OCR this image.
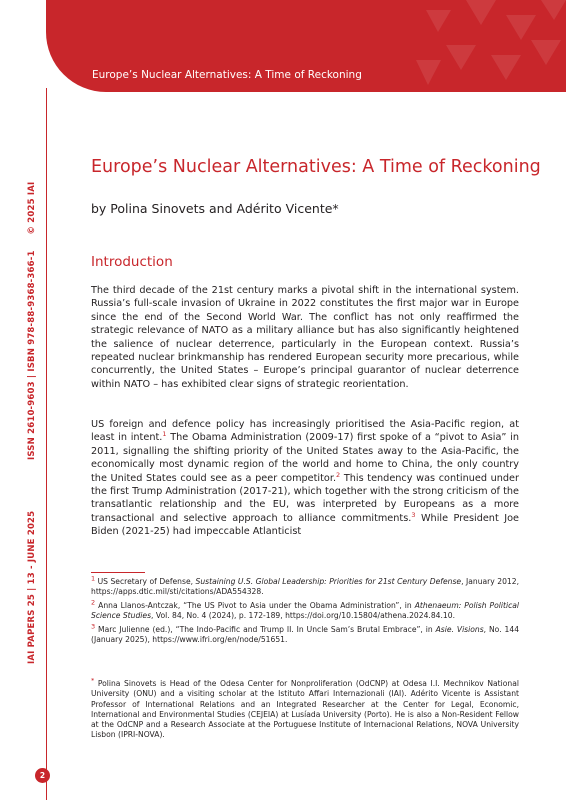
Europe’s Nuclear Alternatives: A Time of Reckoning
IAI PAPERS 25 | 13 - JUNE 2025
ISSN 2610-9603 | ISBN 978-88-9368-366-1     © 2025 IAI
Europe’s Nuclear Alternatives: A Time of Reckoning
by Polina Sinovets and Adérito Vicente*
Introduction
The third decade of the 21st century marks a pivotal shift in the international system. Russia’s full-scale invasion of Ukraine in 2022 constitutes the first major war in Europe since the end of the Second World War. The conflict has not only reaffirmed the strategic relevance of NATO as a military alliance but has also significantly heightened the salience of nuclear deterrence, particularly in the European context. Russia’s repeated nuclear brinkmanship has rendered European security more precarious, while concurrently, the United States – Europe’s principal guarantor of nuclear deterrence within NATO – has exhibited clear signs of strategic reorientation.
US foreign and defence policy has increasingly prioritised the Asia-Pacific region, at least in intent.$^1$ The Obama Administration (2009-17) first spoke of a “pivot to Asia” in 2011, signalling the shifting priority of the United States away to the Asia-Pacific, the economically most dynamic region of the world and home to China, the only country the United States could see as a peer competitor.$^2$ This tendency was continued under the first Trump Administration (2017-21), which together with the strong criticism of the transatlantic relationship and the EU, was interpreted by Europeans as a more transactional and selective approach to alliance commitments.$^3$ While President Joe Biden (2021-25) had impeccable Atlanticist
$^1$ US Secretary of Defense, Sustaining U.S. Global Leadership: Priorities for 21st Century Defense, January 2012, https://apps.dtic.mil/sti/citations/ADA554328.
$^2$ Anna Llanos-Antczak, “The US Pivot to Asia under the Obama Administration”, in Athenaeum: Polish Political Science Studies, Vol. 84, No. 4 (2024), p. 172-189, https://doi.org/10.15804/athena.2024.84.10.
$^3$ Marc Julienne (ed.), “The Indo-Pacific and Trump II. In Uncle Sam’s Brutal Embrace”, in Asie. Visions, No. 144 (January 2025), https://www.ifri.org/en/node/51651.
* Polina Sinovets is Head of the Odesa Center for Nonproliferation (OdCNP) at Odesa I.I. Mechnikov National University (ONU) and a visiting scholar at the Istituto Affari Internazionali (IAI). Adérito Vicente is Assistant Professor of International Relations and an Integrated Researcher at the Center for Legal, Economic, International and Environmental Studies (CEJEIA) at Lusíada University (Porto). He is also a Non-Resident Fellow at the OdCNP and a Research Associate at the Portuguese Institute of Internacional Relations, NOVA University Lisbon (IPRI-NOVA).
2
